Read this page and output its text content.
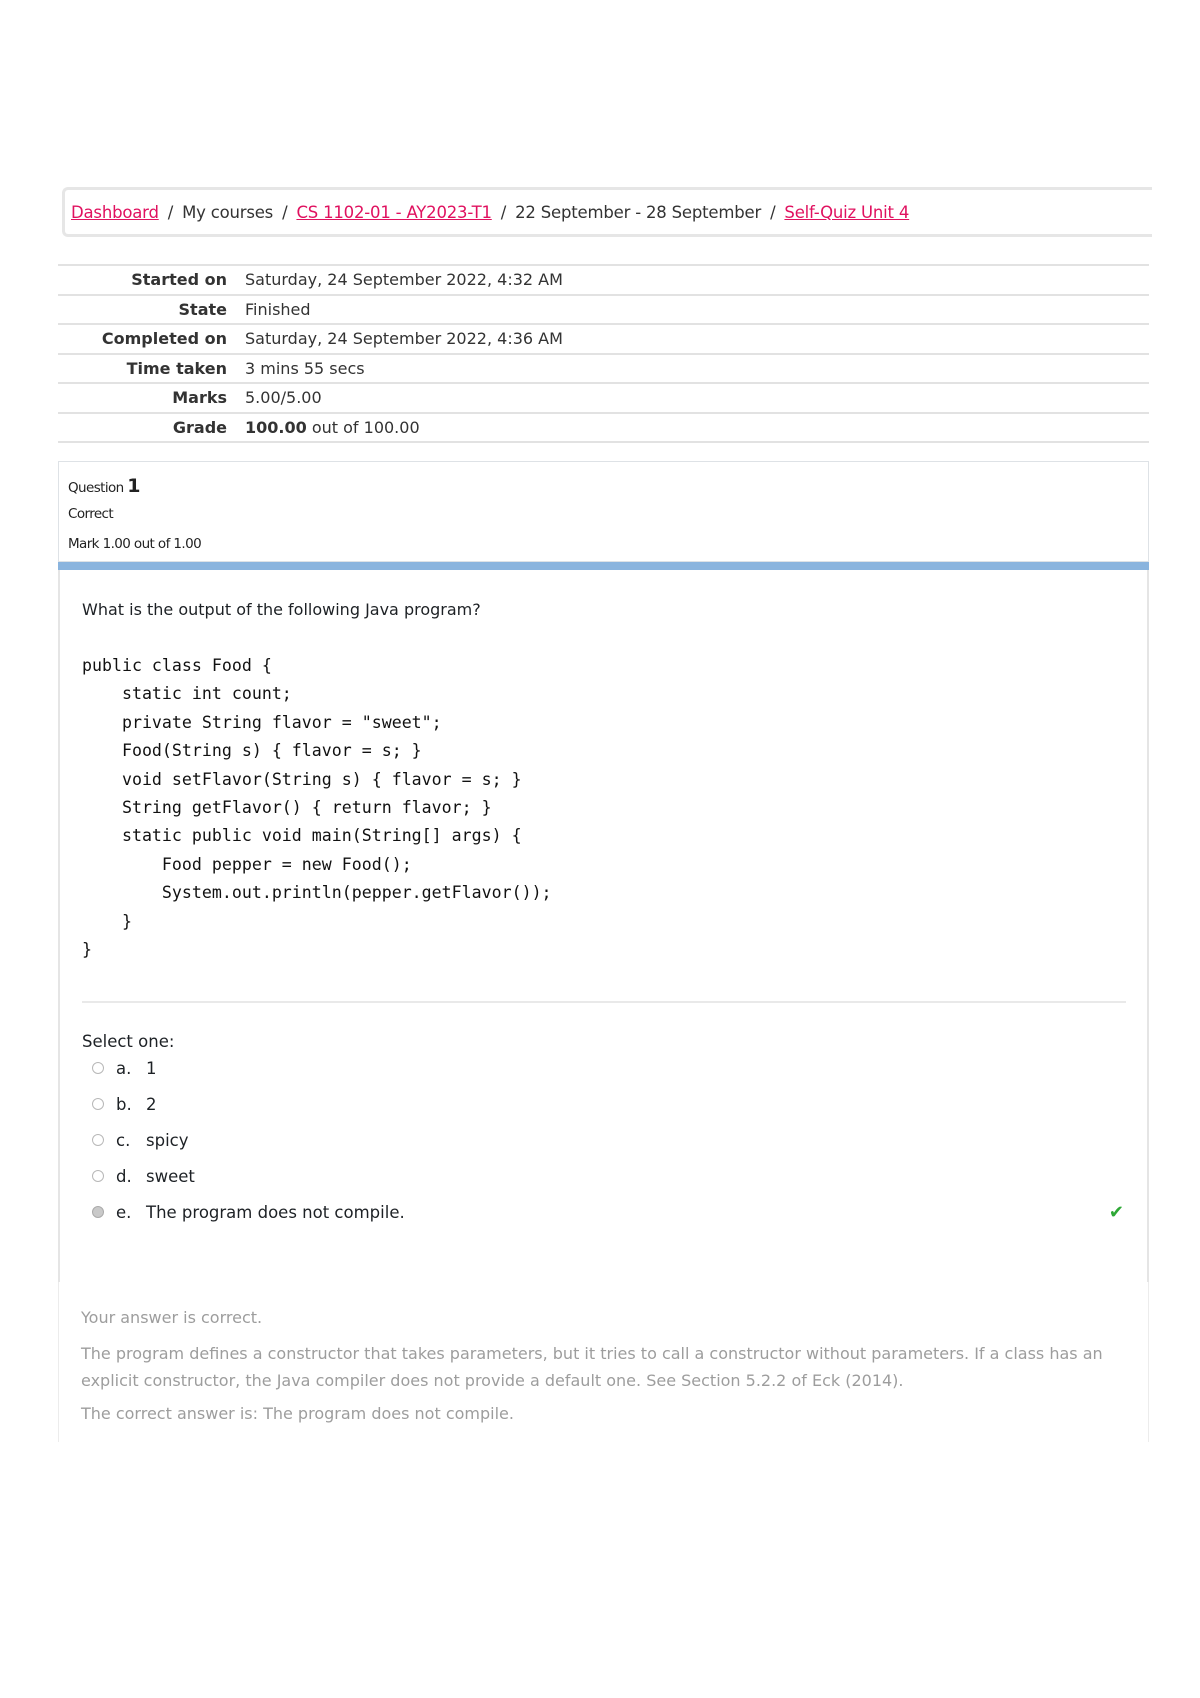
Dashboard / My courses / CS 1102-01 - AY2023-T1 / 22 September - 28 September / Self-Quiz Unit 4
Started on	Saturday, 24 September 2022, 4:32 AM
State	Finished
Completed on	Saturday, 24 September 2022, 4:36 AM
Time taken	3 mins 55 secs
Marks	5.00/5.00
Grade	100.00 out of 100.00
Question 1
Correct
Mark 1.00 out of 1.00
What is the output of the following Java program?
public class Food {
static int count;
private String flavor = "sweet";
Food(String s) { flavor = s; }
void setFlavor(String s) { flavor = s; }
String getFlavor() { return flavor; }
static public void main(String[] args) {
Food pepper = new Food();
System.out.println(pepper.getFlavor());
}
}
Select one:
a. 1
b. 2
c. spicy
d. sweet
e. The program does not compile.	✔
Your answer is correct.
The program defines a constructor that takes parameters, but it tries to call a constructor without parameters. If a class has an explicit constructor, the Java compiler does not provide a default one. See Section 5.2.2 of Eck (2014).
The correct answer is: The program does not compile.
